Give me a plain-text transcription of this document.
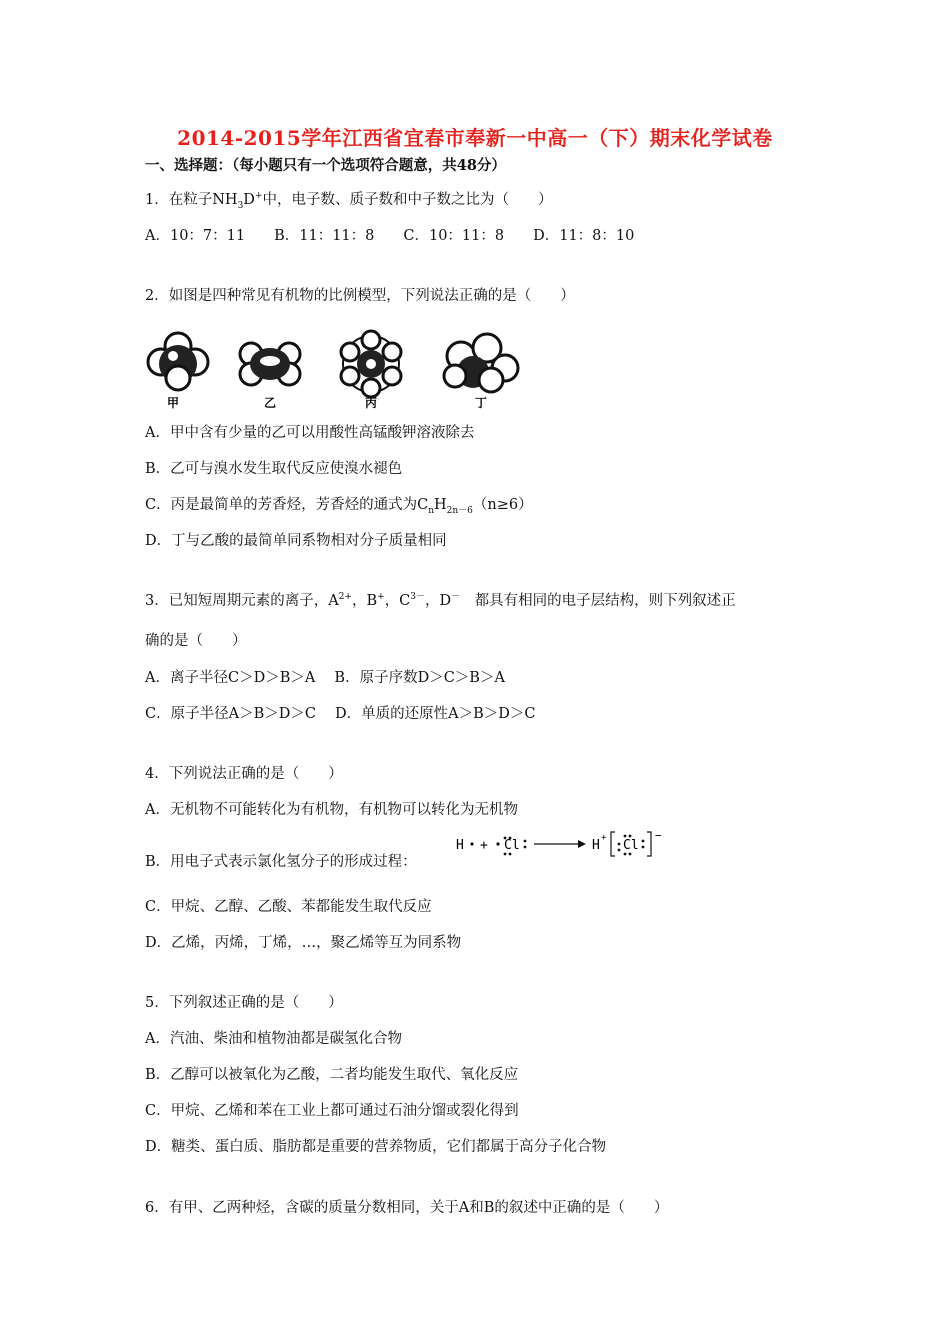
2014-2015学年江西省宜春市奉新一中高一（下）期末化学试卷
一、选择题：（每小题只有一个选项符合题意，共48分）
1．在粒子$NH_3D^+$中，电子数、质子数和中子数之比为（　　）
A．10：7：11　　B．11：11：8　　C．10：11：8　　D．11：8：10
2．如图是四种常见有机物的比例模型，下列说法正确的是（　　）
甲	乙	丙	丁
A．甲中含有少量的乙可以用酸性高锰酸钾溶液除去
B．乙可与溴水发生取代反应使溴水褪色
C．丙是最简单的芳香烃，芳香烃的通式为$C_nH_{2n-6}(n\ge 6)$
D．丁与乙酸的最简单同系物相对分子质量相同
3．已知短周期元素的离子，$A^{2+}$，B+，$C^{3-}$，D－　都具有相同的电子层结构，则下列叙述正
确的是（　　）
A．离子半径C＞D＞B＞A　 B．原子序数D＞C＞B＞A
C．原子半径A＞B＞D＞C　 D．单质的还原性A＞B＞D＞C
4．下列说法正确的是（　　）
A．无机物不可能转化为有机物，有机物可以转化为无机物
B．用电子式表示氯化氢分子的形成过程：
H + Cl	H + Cl
−
C．甲烷、乙醇、乙酸、苯都能发生取代反应
D．乙烯，丙烯，丁烯，…，聚乙烯等互为同系物
5．下列叙述正确的是（　　）
A．汽油、柴油和植物油都是碳氢化合物
B．乙醇可以被氧化为乙酸，二者均能发生取代、氧化反应
C．甲烷、乙烯和苯在工业上都可通过石油分馏或裂化得到
D．糖类、蛋白质、脂肪都是重要的营养物质，它们都属于高分子化合物
6．有甲、乙两种烃，含碳的质量分数相同，关于A和B的叙述中正确的是（　　）
